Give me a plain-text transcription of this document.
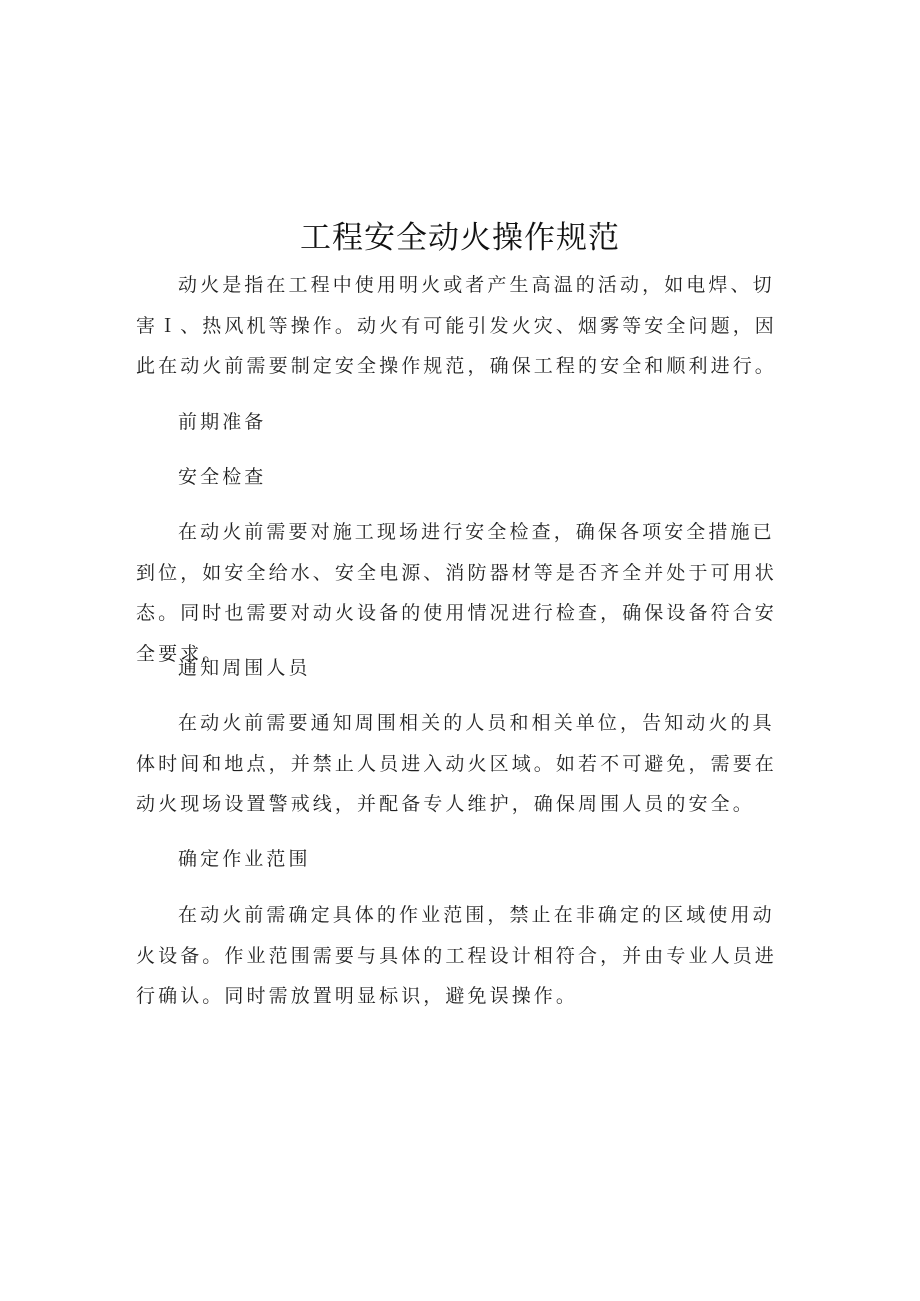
工程安全动火操作规范

动火是指在工程中使用明火或者产生高温的活动，如电焊、切害Ｉ、热风机等操作。动火有可能引发火灾、烟雾等安全问题，因此在动火前需要制定安全操作规范，确保工程的安全和顺利进行。

前期准备

安全检查

在动火前需要对施工现场进行安全检查，确保各项安全措施已到位，如安全给水、安全电源、消防器材等是否齐全并处于可用状态。同时也需要对动火设备的使用情况进行检查，确保设备符合安全要求。

通知周围人员

在动火前需要通知周围相关的人员和相关单位，告知动火的具体时间和地点，并禁止人员进入动火区域。如若不可避免，需要在动火现场设置警戒线，并配备专人维护，确保周围人员的安全。

确定作业范围

在动火前需确定具体的作业范围，禁止在非确定的区域使用动火设备。作业范围需要与具体的工程设计相符合，并由专业人员进行确认。同时需放置明显标识，避免误操作。
